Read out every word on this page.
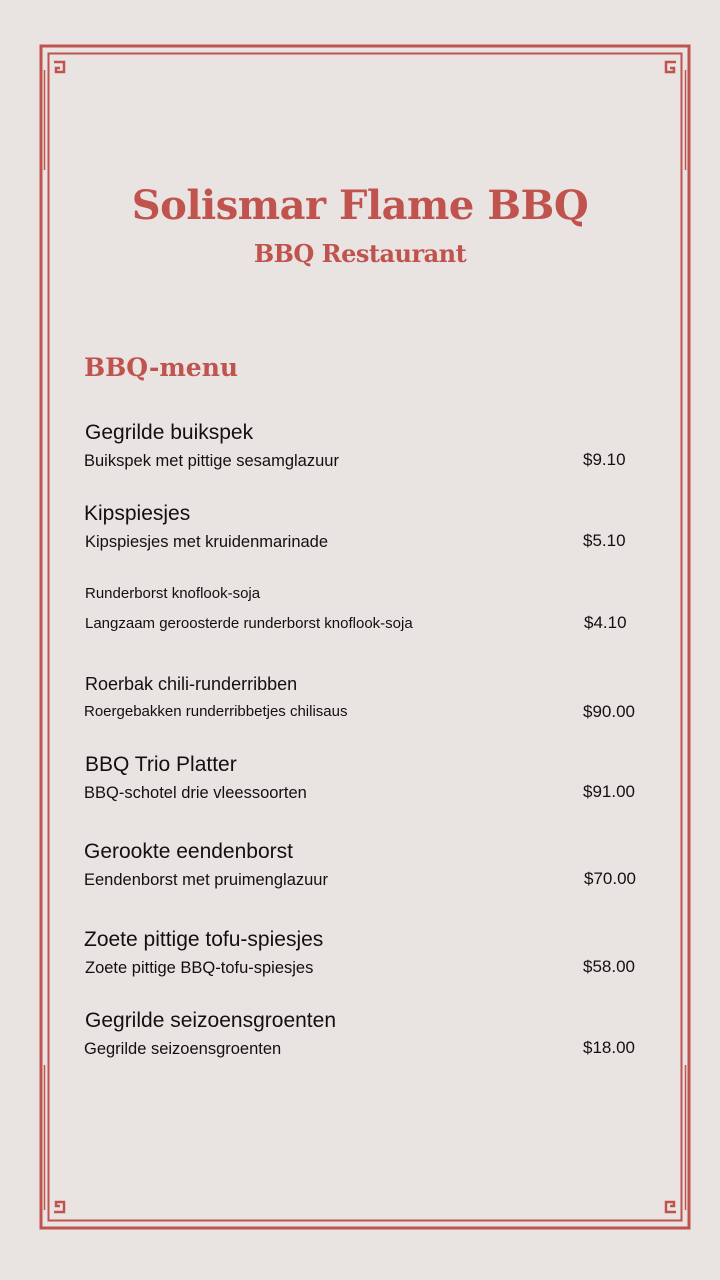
Solismar Flame BBQ
BBQ Restaurant
BBQ-menu
Gegrilde buikspek
Buikspek met pittige sesamglazuur	$9.10
Kipspiesjes
Kipspiesjes met kruidenmarinade	$5.10
Runderborst knoflook-soja
Langzaam geroosterde runderborst knoflook-soja	$4.10
Roerbak chili-runderribben
Roergebakken runderribbetjes chilisaus	$90.00
BBQ Trio Platter
BBQ-schotel drie vleessoorten	$91.00
Gerookte eendenborst
Eendenborst met pruimenglazuur	$70.00
Zoete pittige tofu-spiesjes
Zoete pittige BBQ-tofu-spiesjes	$58.00
Gegrilde seizoensgroenten
Gegrilde seizoensgroenten	$18.00
